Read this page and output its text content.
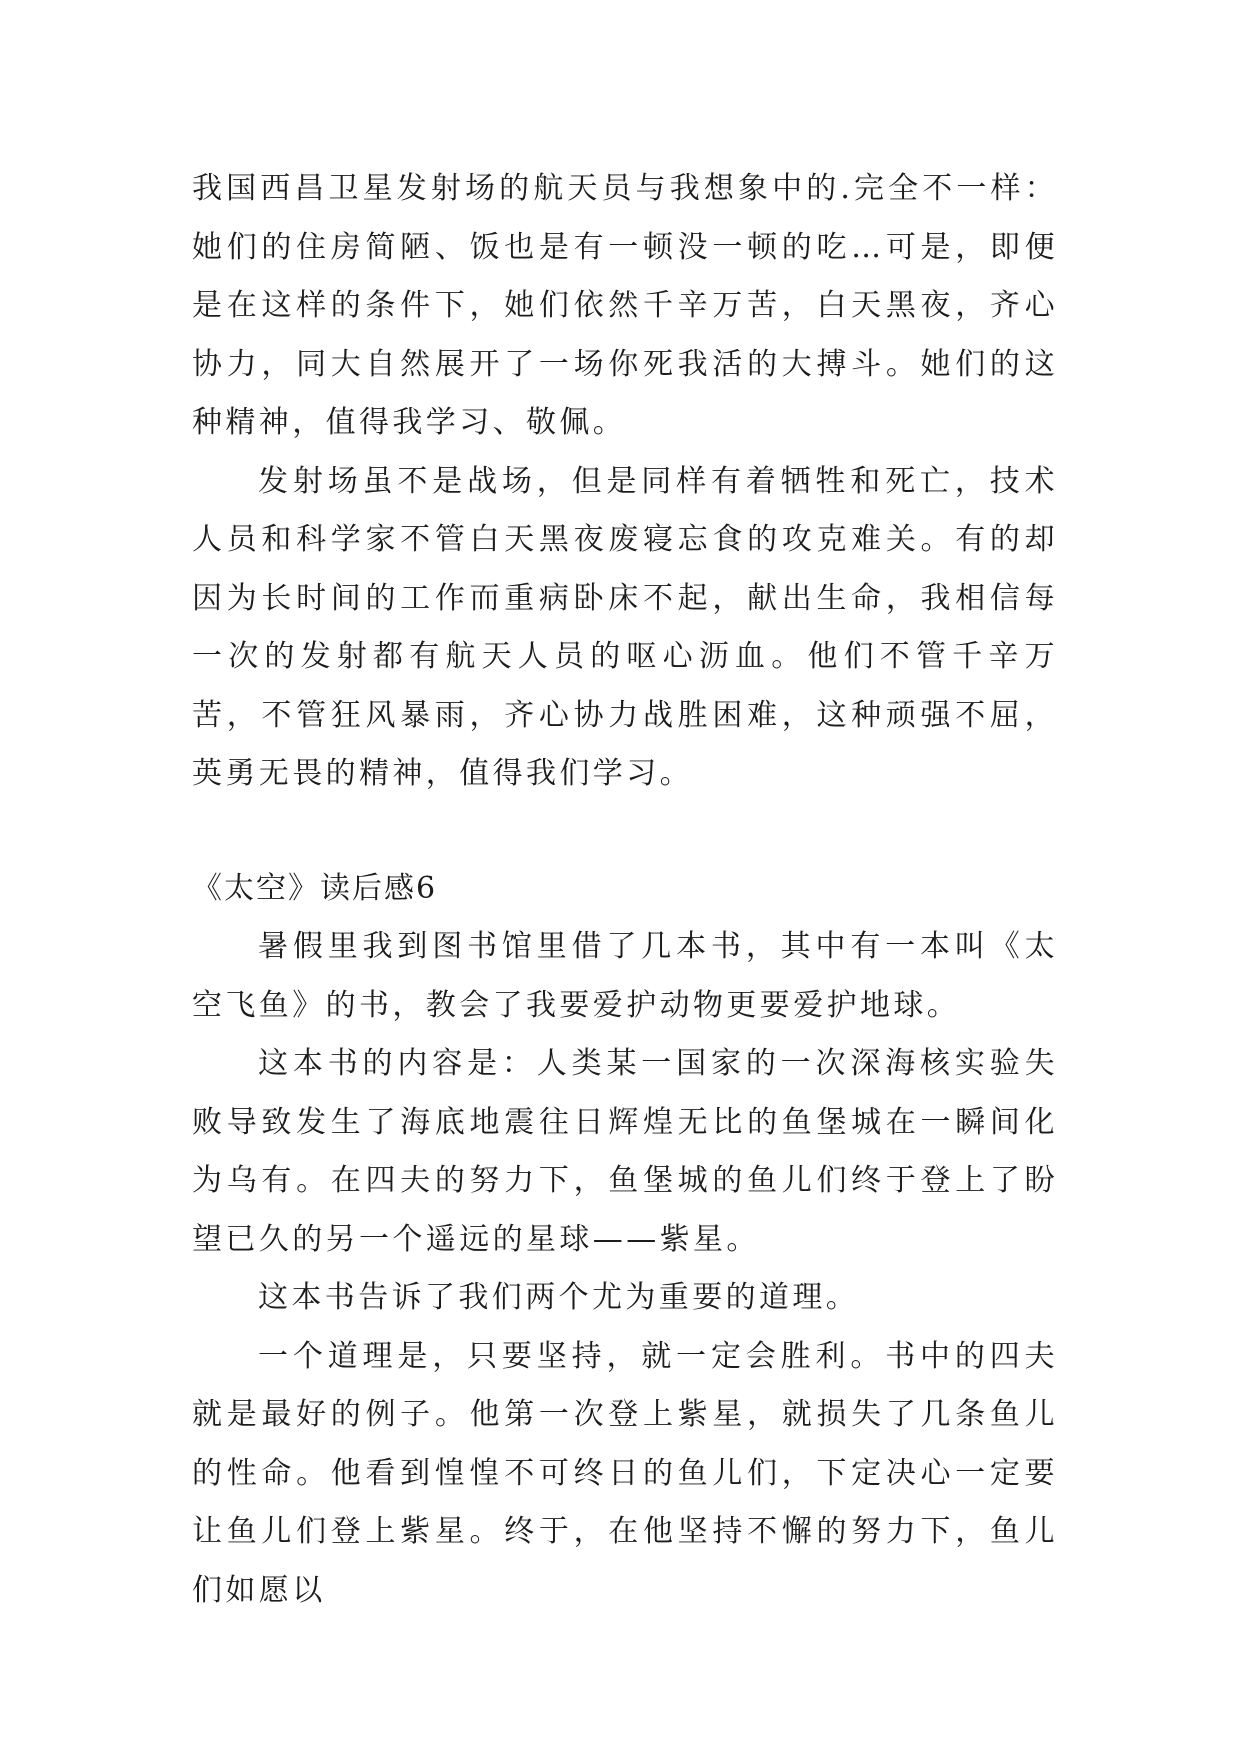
我国西昌卫星发射场的航天员与我想象中的.完全不一样：她们的住房简陋、饭也是有一顿没一顿的吃…可是，即便是在这样的条件下，她们依然千辛万苦，白天黑夜，齐心协力，同大自然展开了一场你死我活的大搏斗。她们的这种精神，值得我学习、敬佩。

发射场虽不是战场，但是同样有着牺牲和死亡，技术人员和科学家不管白天黑夜废寝忘食的攻克难关。有的却因为长时间的工作而重病卧床不起，献出生命，我相信每一次的发射都有航天人员的呕心沥血。他们不管千辛万苦，不管狂风暴雨，齐心协力战胜困难，这种顽强不屈，英勇无畏的精神，值得我们学习。

《太空》读后感6

暑假里我到图书馆里借了几本书，其中有一本叫《太空飞鱼》的书，教会了我要爱护动物更要爱护地球。

这本书的内容是：人类某一国家的一次深海核实验失败导致发生了海底地震往日辉煌无比的鱼堡城在一瞬间化为乌有。在四夫的努力下，鱼堡城的鱼儿们终于登上了盼望已久的另一个遥远的星球——紫星。

这本书告诉了我们两个尤为重要的道理。

一个道理是，只要坚持，就一定会胜利。书中的四夫就是最好的例子。他第一次登上紫星，就损失了几条鱼儿的性命。他看到惶惶不可终日的鱼儿们，下定决心一定要让鱼儿们登上紫星。终于，在他坚持不懈的努力下，鱼儿们如愿以
